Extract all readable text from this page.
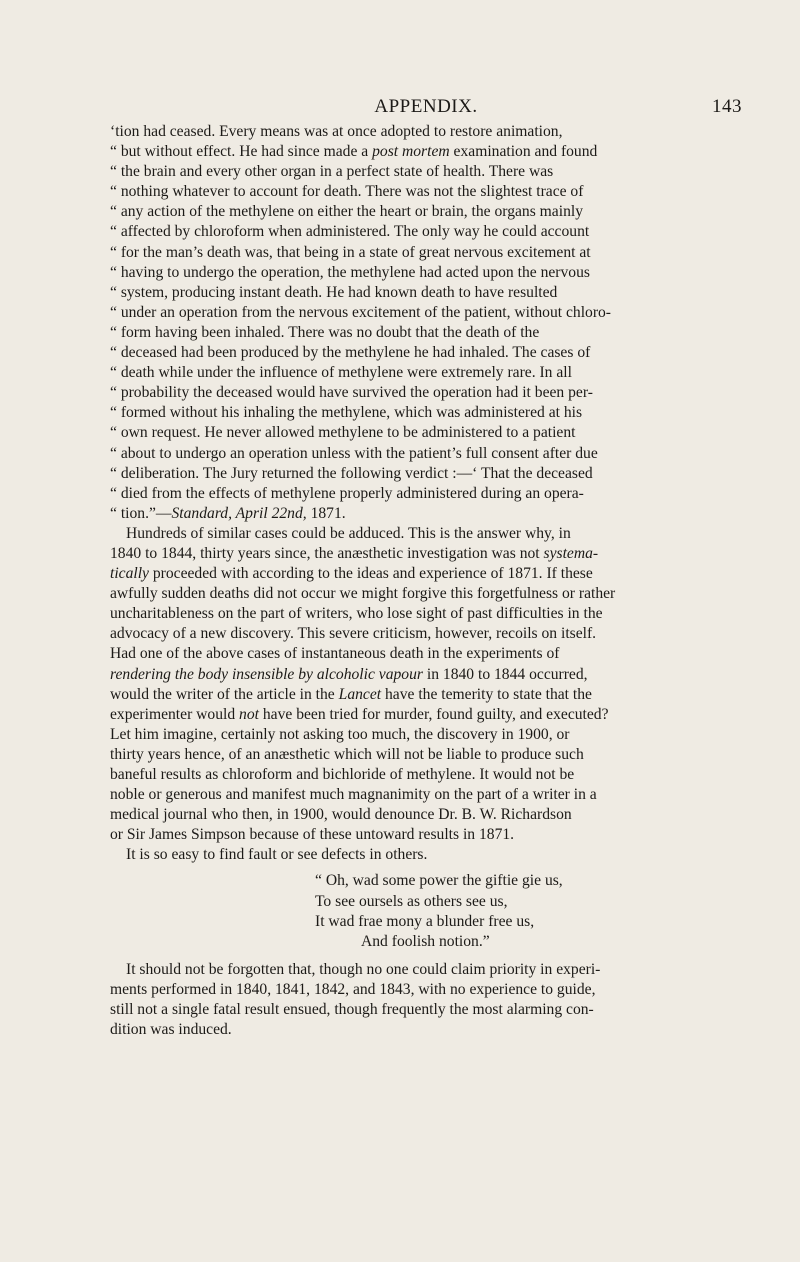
APPENDIX.	143

‘tion had ceased. Every means was at once adopted to restore animation,
“ but without effect. He had since made a post mortem examination and found
“ the brain and every other organ in a perfect state of health. There was
“ nothing whatever to account for death. There was not the slightest trace of
“ any action of the methylene on either the heart or brain, the organs mainly
“ affected by chloroform when administered. The only way he could account
“ for the man’s death was, that being in a state of great nervous excitement at
“ having to undergo the operation, the methylene had acted upon the nervous
“ system, producing instant death. He had known death to have resulted
“ under an operation from the nervous excitement of the patient, without chloro-
“ form having been inhaled. There was no doubt that the death of the
“ deceased had been produced by the methylene he had inhaled. The cases of
“ death while under the influence of methylene were extremely rare. In all
“ probability the deceased would have survived the operation had it been per-
“ formed without his inhaling the methylene, which was administered at his
“ own request. He never allowed methylene to be administered to a patient
“ about to undergo an operation unless with the patient’s full consent after due
“ deliberation. The Jury returned the following verdict :—‘ That the deceased
“ died from the effects of methylene properly administered during an opera-
“ tion.”—Standard, April 22nd, 1871.

Hundreds of similar cases could be adduced. This is the answer why, in
1840 to 1844, thirty years since, the anæsthetic investigation was not systema-
tically proceeded with according to the ideas and experience of 1871. If these
awfully sudden deaths did not occur we might forgive this forgetfulness or rather
uncharitableness on the part of writers, who lose sight of past difficulties in the
advocacy of a new discovery. This severe criticism, however, recoils on itself.
Had one of the above cases of instantaneous death in the experiments of
rendering the body insensible by alcoholic vapour in 1840 to 1844 occurred,
would the writer of the article in the Lancet have the temerity to state that the
experimenter would not have been tried for murder, found guilty, and executed?
Let him imagine, certainly not asking too much, the discovery in 1900, or
thirty years hence, of an anæsthetic which will not be liable to produce such
baneful results as chloroform and bichloride of methylene. It would not be
noble or generous and manifest much magnanimity on the part of a writer in a
medical journal who then, in 1900, would denounce Dr. B. W. Richardson
or Sir James Simpson because of these untoward results in 1871.
It is so easy to find fault or see defects in others.

“ Oh, wad some power the giftie gie us,
To see oursels as others see us,
It wad frae mony a blunder free us,
And foolish notion.”

It should not be forgotten that, though no one could claim priority in experi-
ments performed in 1840, 1841, 1842, and 1843, with no experience to guide,
still not a single fatal result ensued, though frequently the most alarming con-
dition was induced.
